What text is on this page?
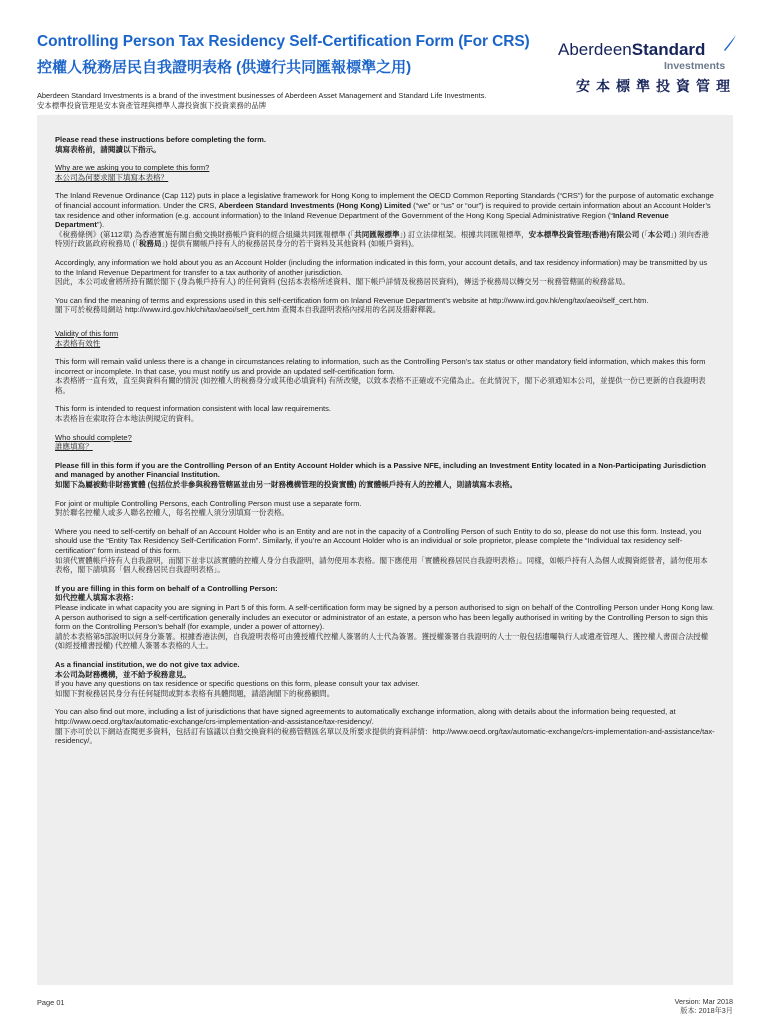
Controlling Person Tax Residency Self-Certification Form (For CRS)
控權人稅務居民自我證明表格 (供遵行共同匯報標準之用)
AberdeenStandard
Investments
安本標準投資管理

Aberdeen Standard Investments is a brand of the investment businesses of Aberdeen Asset Management and Standard Life Investments.

安本標準投資管理是安本資產管理與標準人壽投資旗下投資業務的品牌

Please read these instructions before completing the form.
填寫表格前，請閱讀以下指示。

Why are we asking you to complete this form?
本公司為何要求閣下填寫本表格？

The Inland Revenue Ordinance (Cap 112) puts in place a legislative framework for Hong Kong to implement the OECD Common Reporting Standards (“CRS”) for the purpose of automatic exchange of financial account information. Under the CRS, Aberdeen Standard Investments (Hong Kong) Limited (“we” or “us” or “our”) is required to provide certain information about an Account Holder’s tax residence and other information (e.g. account information) to the Inland Revenue Department of the Government of the Hong Kong Special Administrative Region (“Inland Revenue Department”).
《稅務條例》(第112章) 為香港實施有關自動交換財務帳戶資料的經合組織共同匯報標準 (「共同匯報標準」) 訂立法律框架。根據共同匯報標準，安本標準投資管理(香港)有限公司 (「本公司」) 須向香港特別行政區政府稅務局 (「稅務局」) 提供有關帳戶持有人的稅務居民身分的若干資料及其他資料 (如帳戶資料)。

Accordingly, any information we hold about you as an Account Holder (including the information indicated in this form, your account details, and tax residency information) may be transmitted by us to the Inland Revenue Department for transfer to a tax authority of another jurisdiction.
因此，本公司或會將所持有關於閣下 (身為帳戶持有人) 的任何資料 (包括本表格所述資料、閣下帳戶詳情及稅務居民資料)，傳送予稅務局以轉交另一稅務管轄區的稅務當局。

You can find the meaning of terms and expressions used in this self-certification form on Inland Revenue Department’s website at http://www.ird.gov.hk/eng/tax/aeoi/self_cert.htm.
閣下可於稅務局網站 http://www.ird.gov.hk/chi/tax/aeoi/self_cert.htm 查閱本自我證明表格內採用的名詞及措辭釋義。

Validity of this form
本表格有效性

This form will remain valid unless there is a change in circumstances relating to information, such as the Controlling Person’s tax status or other mandatory field information, which makes this form incorrect or incomplete. In that case, you must notify us and provide an updated self-certification form.
本表格將一直有效，直至與資料有關的情況 (如控權人的稅務身分或其他必填資料) 有所改變，以致本表格不正確或不完備為止。在此情況下，閣下必須通知本公司，並提供一份已更新的自我證明表格。

This form is intended to request information consistent with local law requirements.
本表格旨在索取符合本地法例規定的資料。

Who should complete?
誰應填寫？

Please fill in this form if you are the Controlling Person of an Entity Account Holder which is a Passive NFE, including an Investment Entity located in a Non-Participating Jurisdiction and managed by another Financial Institution.
如閣下為屬被動非財務實體 (包括位於非參與稅務管轄區並由另一財務機構管理的投資實體) 的實體帳戶持有人的控權人，則請填寫本表格。

For joint or multiple Controlling Persons, each Controlling Person must use a separate form.
對於聯名控權人或多人聯名控權人，每名控權人須分別填寫一份表格。

Where you need to self-certify on behalf of an Account Holder who is an Entity and are not in the capacity of a Controlling Person of such Entity to do so, please do not use this form. Instead, you should use the “Entity Tax Residency Self-Certification Form”. Similarly, if you’re an Account Holder who is an individual or sole proprietor, please complete the “Individual tax residency self-certification” form instead of this form.
如須代實體帳戶持有人自我證明，而閣下並非以該實體的控權人身分自我證明，請勿使用本表格。閣下應使用「實體稅務居民自我證明表格」。同樣，如帳戶持有人為個人或獨資經營者，請勿使用本表格，閣下請填寫「個人稅務居民自我證明表格」。

If you are filling in this form on behalf of a Controlling Person:
如代控權人填寫本表格：
Please indicate in what capacity you are signing in Part 5 of this form. A self-certification form may be signed by a person authorised to sign on behalf of the Controlling Person under Hong Kong law. A person authorised to sign a self-certification generally includes an executor or administrator of an estate, a person who has been legally authorised in writing by the Controlling Person to sign this form on the Controlling Person’s behalf (for example, under a power of attorney).
請於本表格第5部說明以何身分簽署。根據香港法例，自我證明表格可由獲授權代控權人簽署的人士代為簽署。獲授權簽署自我證明的人士一般包括遺囑執行人或遺產管理人、獲控權人書面合法授權 (如經授權書授權) 代控權人簽署本表格的人士。

As a financial institution, we do not give tax advice.
本公司為財務機構，並不給予稅務意見。
If you have any questions on tax residence or specific questions on this form, please consult your tax adviser.
如閣下對稅務居民身分有任何疑問或對本表格有具體問題，請諮詢閣下的稅務顧問。

You can also find out more, including a list of jurisdictions that have signed agreements to automatically exchange information, along with details about the information being requested, at http://www.oecd.org/tax/automatic-exchange/crs-implementation-and-assistance/tax-residency/.
閣下亦可於以下網站查閱更多資料，包括訂有協議以自動交換資料的稅務管轄區名單以及所要求提供的資料詳情：http://www.oecd.org/tax/automatic-exchange/crs-implementation-and-assistance/tax-residency/。

Page 01	Version: Mar 2018
版本: 2018年3月
